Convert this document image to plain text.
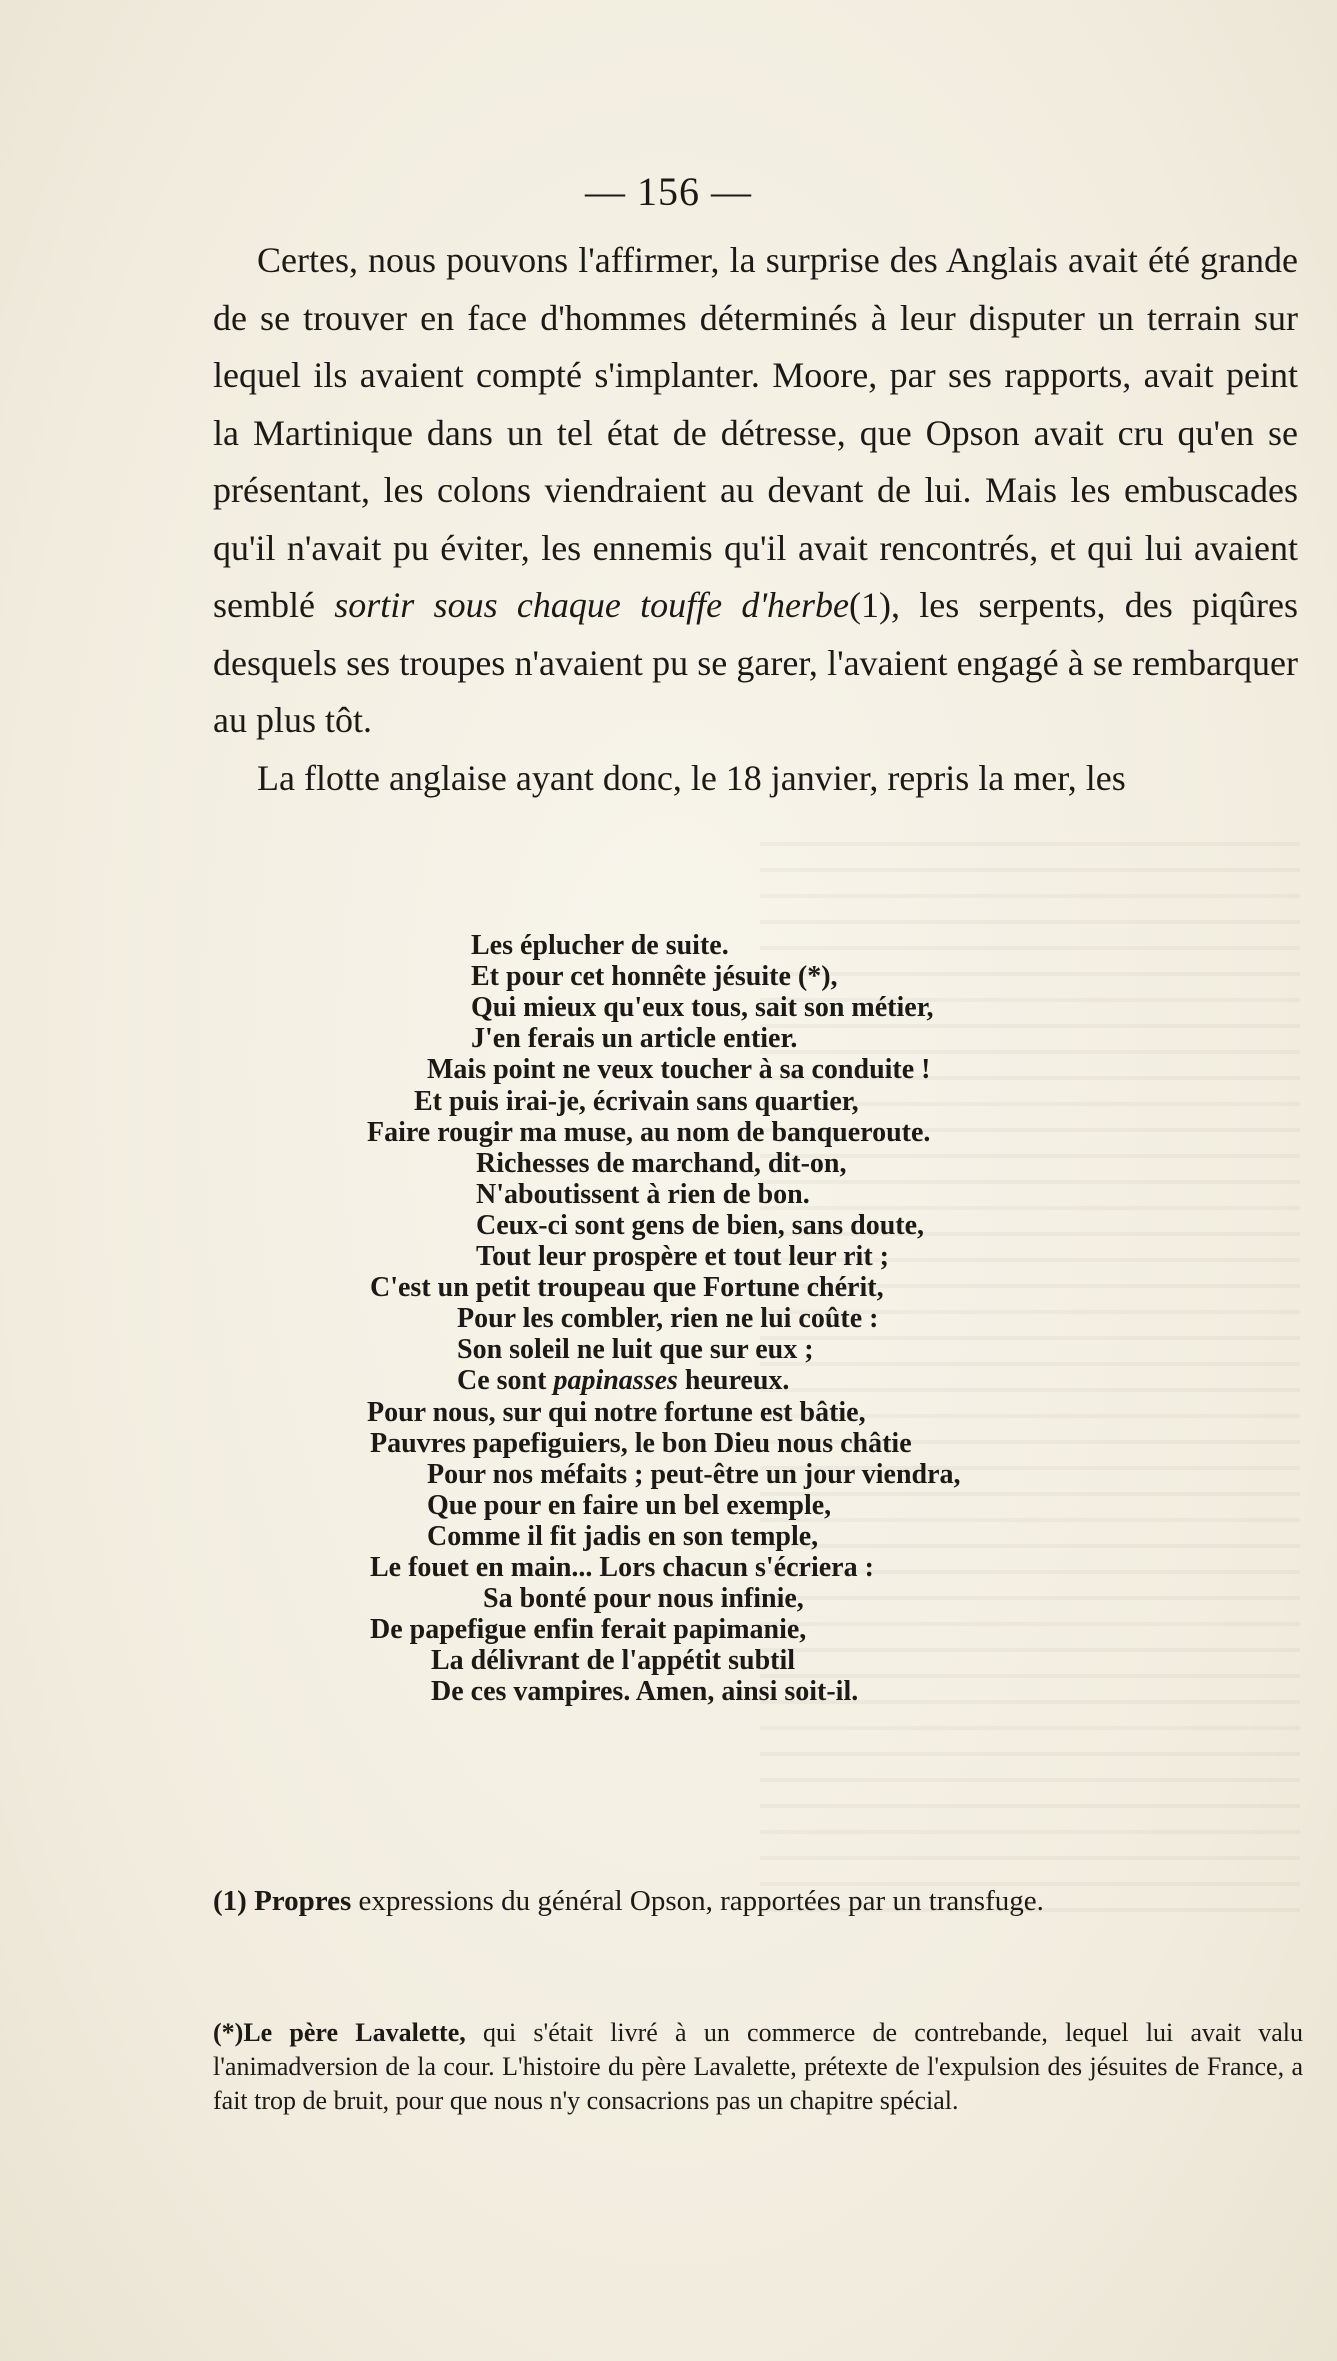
— 156 —

Certes, nous pouvons l'affirmer, la surprise des Anglais avait été grande de se trouver en face d'hommes déterminés à leur disputer un terrain sur lequel ils avaient compté s'implanter. Moore, par ses rapports, avait peint la Martinique dans un tel état de détresse, que Opson avait cru qu'en se présentant, les colons viendraient au devant de lui. Mais les embuscades qu'il n'avait pu éviter, les ennemis qu'il avait rencontrés, et qui lui avaient semblé sortir sous chaque touffe d'herbe(1), les serpents, des piqûres desquels ses troupes n'avaient pu se garer, l'avaient engagé à se rembarquer au plus tôt.

La flotte anglaise ayant donc, le 18 janvier, repris la mer, les

Les éplucher de suite.
Et pour cet honnête jésuite (*),
Qui mieux qu'eux tous, sait son métier,
J'en ferais un article entier.
Mais point ne veux toucher à sa conduite !
Et puis irai-je, écrivain sans quartier,
Faire rougir ma muse, au nom de banqueroute.
Richesses de marchand, dit-on,
N'aboutissent à rien de bon.
Ceux-ci sont gens de bien, sans doute,
Tout leur prospère et tout leur rit ;
C'est un petit troupeau que Fortune chérit,
Pour les combler, rien ne lui coûte :
Son soleil ne luit que sur eux ;
Ce sont papinasses heureux.
Pour nous, sur qui notre fortune est bâtie,
Pauvres papefiguiers, le bon Dieu nous châtie
Pour nos méfaits ; peut-être un jour viendra,
Que pour en faire un bel exemple,
Comme il fit jadis en son temple,
Le fouet en main... Lors chacun s'écriera :
Sa bonté pour nous infinie,
De papefigue enfin ferait papimanie,
La délivrant de l'appétit subtil
De ces vampires. Amen, ainsi soit-il.
(1) Propres expressions du général Opson, rapportées par un transfuge.
(*)Le père Lavalette, qui s'était livré à un commerce de contrebande, lequel lui avait valu l'animadversion de la cour. L'histoire du père Lavalette, prétexte de l'expulsion des jésuites de France, a fait trop de bruit, pour que nous n'y consacrions pas un chapitre spécial.
